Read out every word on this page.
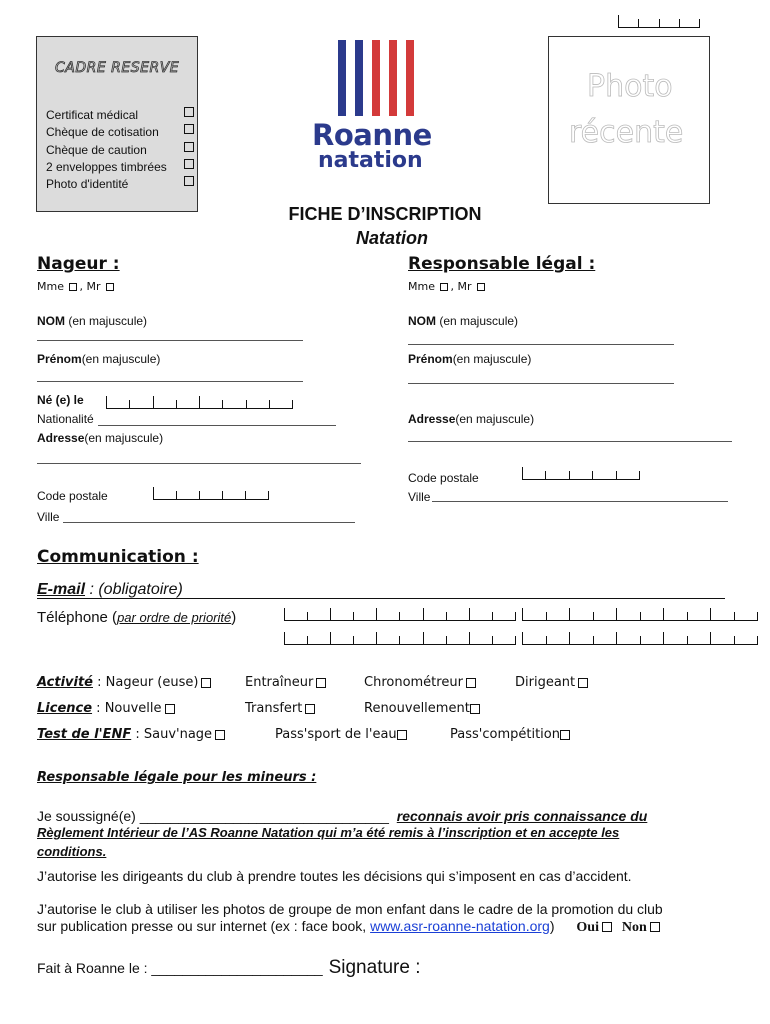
CADRE RESERVE
Certificat médical
Chèque de cotisation
Chèque de caution
2 enveloppes timbrées
Photo d'identité
Roanne
natation
Photo
récente
FICHE D’INSCRIPTION
Natation
Nageur :
Mme , Mr
NOM (en majuscule)
Prénom(en majuscule)
Né (e) le
Nationalité
Adresse(en majuscule)
Code postale
Ville
Responsable légal :
Mme , Mr
NOM (en majuscule)
Prénom(en majuscule)
Adresse(en majuscule)
Code postale
Ville
Communication :
E-mail : (obligatoire)
Téléphone (par ordre de priorité)
Activité : Nageur (euse)	Entraîneur	Chronométreur	Dirigeant
Licence : Nouvelle	Transfert	Renouvellement
Test de l'ENF : Sauv'nage	Pass'sport de l'eau	Pass'compétition
Responsable légale pour les mineurs :
Je soussigné(e) ________________________________ reconnais avoir pris connaissance du
Règlement Intérieur de l’AS Roanne Natation qui m’a été remis à l’inscription et en accepte les
conditions.
J’autorise les dirigeants du club à prendre toutes les décisions qui s’imposent en cas d’accident.
J’autorise le club à utiliser les photos de groupe de mon enfant dans le cadre de la promotion du club
sur publication presse ou sur internet (ex : face book, www.asr-roanne-natation.org) Oui Non
Fait à Roanne le : ______________________ Signature :
